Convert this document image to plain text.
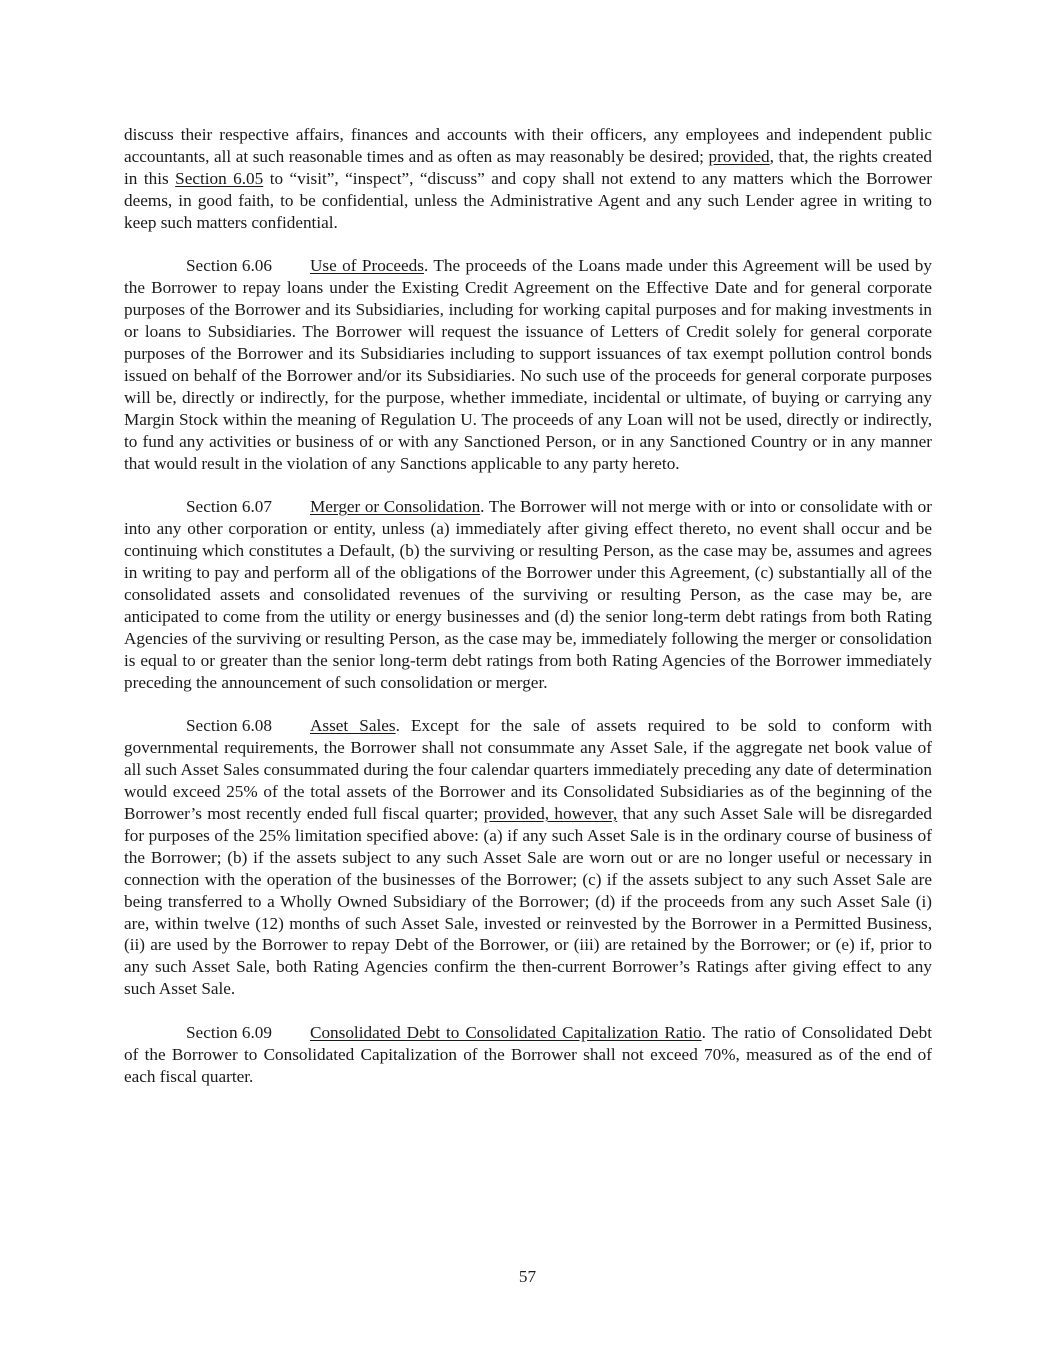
discuss their respective affairs, finances and accounts with their officers, any employees and independent public accountants, all at such reasonable times and as often as may reasonably be desired; provided, that, the rights created in this Section 6.05 to “visit”, “inspect”, “discuss” and copy shall not extend to any matters which the Borrower deems, in good faith, to be confidential, unless the Administrative Agent and any such Lender agree in writing to keep such matters confidential.

Section 6.06 Use of Proceeds. The proceeds of the Loans made under this Agreement will be used by the Borrower to repay loans under the Existing Credit Agreement on the Effective Date and for general corporate purposes of the Borrower and its Subsidiaries, including for working capital purposes and for making investments in or loans to Subsidiaries. The Borrower will request the issuance of Letters of Credit solely for general corporate purposes of the Borrower and its Subsidiaries including to support issuances of tax exempt pollution control bonds issued on behalf of the Borrower and/or its Subsidiaries. No such use of the proceeds for general corporate purposes will be, directly or indirectly, for the purpose, whether immediate, incidental or ultimate, of buying or carrying any Margin Stock within the meaning of Regulation U. The proceeds of any Loan will not be used, directly or indirectly, to fund any activities or business of or with any Sanctioned Person, or in any Sanctioned Country or in any manner that would result in the violation of any Sanctions applicable to any party hereto.

Section 6.07 Merger or Consolidation. The Borrower will not merge with or into or consolidate with or into any other corporation or entity, unless (a) immediately after giving effect thereto, no event shall occur and be continuing which constitutes a Default, (b) the surviving or resulting Person, as the case may be, assumes and agrees in writing to pay and perform all of the obligations of the Borrower under this Agreement, (c) substantially all of the consolidated assets and consolidated revenues of the surviving or resulting Person, as the case may be, are anticipated to come from the utility or energy businesses and (d) the senior long-term debt ratings from both Rating Agencies of the surviving or resulting Person, as the case may be, immediately following the merger or consolidation is equal to or greater than the senior long-term debt ratings from both Rating Agencies of the Borrower immediately preceding the announcement of such consolidation or merger.

Section 6.08 Asset Sales. Except for the sale of assets required to be sold to conform with governmental requirements, the Borrower shall not consummate any Asset Sale, if the aggregate net book value of all such Asset Sales consummated during the four calendar quarters immediately preceding any date of determination would exceed 25% of the total assets of the Borrower and its Consolidated Subsidiaries as of the beginning of the Borrower’s most recently ended full fiscal quarter; provided, however, that any such Asset Sale will be disregarded for purposes of the 25% limitation specified above: (a) if any such Asset Sale is in the ordinary course of business of the Borrower; (b) if the assets subject to any such Asset Sale are worn out or are no longer useful or necessary in connection with the operation of the businesses of the Borrower; (c) if the assets subject to any such Asset Sale are being transferred to a Wholly Owned Subsidiary of the Borrower; (d) if the proceeds from any such Asset Sale (i) are, within twelve (12) months of such Asset Sale, invested or reinvested by the Borrower in a Permitted Business, (ii) are used by the Borrower to repay Debt of the Borrower, or (iii) are retained by the Borrower; or (e) if, prior to any such Asset Sale, both Rating Agencies confirm the then-current Borrower’s Ratings after giving effect to any such Asset Sale.

Section 6.09 Consolidated Debt to Consolidated Capitalization Ratio. The ratio of Consolidated Debt of the Borrower to Consolidated Capitalization of the Borrower shall not exceed 70%, measured as of the end of each fiscal quarter.

57
